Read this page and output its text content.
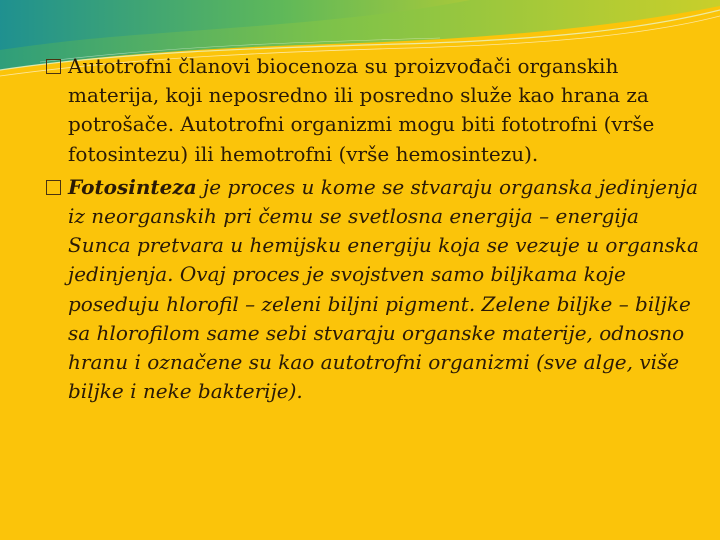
Autotrofni članovi biocenoza su proizvođači organskih materija, koji neposredno ili posredno služe kao hrana za potrošače. Autotrofni organizmi mogu biti fototrofni (vrše fotosintezu) ili hemotrofni (vrše hemosintezu).

Fotosinteza je proces u kome se stvaraju organska jedinjenja iz neorganskih pri čemu se svetlosna energija – energija Sunca pretvara u hemijsku energiju koja se vezuje u organska jedinjenja. Ovaj proces je svojstven samo biljkama koje poseduju hlorofil – zeleni biljni pigment. Zelene biljke – biljke sa hlorofilom same sebi stvaraju organske materije, odnosno hranu i označene su kao autotrofni organizmi (sve alge, više biljke i neke bakterije).
